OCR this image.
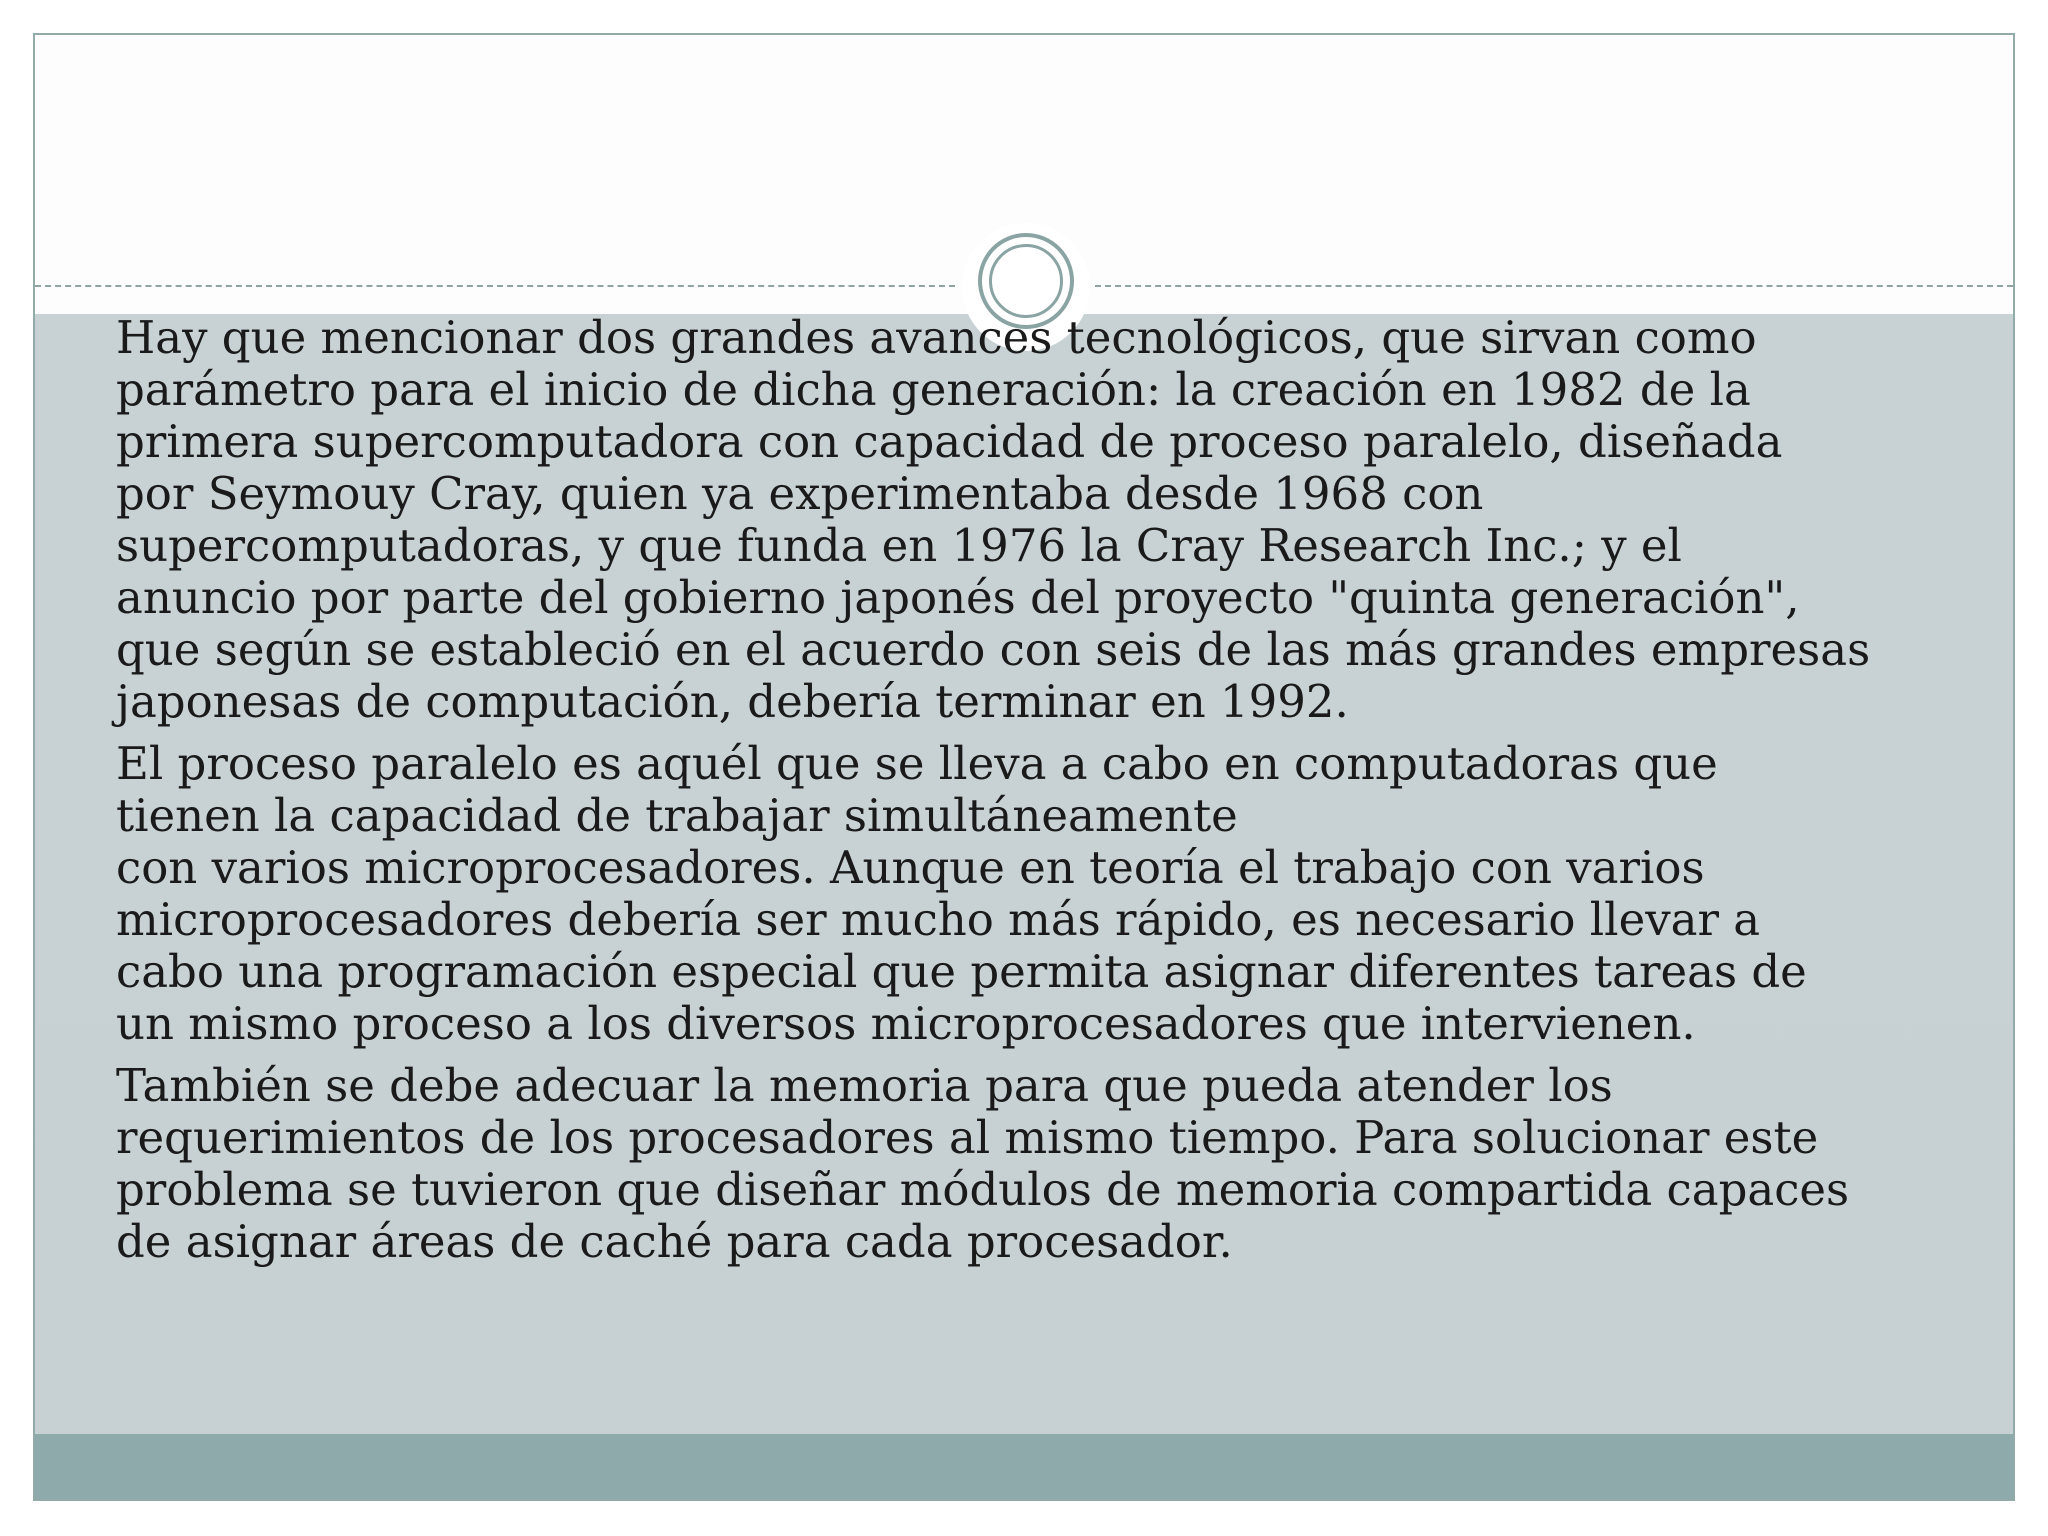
Hay que mencionar dos grandes avances tecnológicos, que sirvan como
parámetro para el inicio de dicha generación: la creación en 1982 de la
primera supercomputadora con capacidad de proceso paralelo, diseñada
por Seymouy Cray, quien ya experimentaba desde 1968 con
supercomputadoras, y que funda en 1976 la Cray Research Inc.; y el
anuncio por parte del gobierno japonés del proyecto "quinta generación",
que según se estableció en el acuerdo con seis de las más grandes empresas
japonesas de computación, debería terminar en 1992.

El proceso paralelo es aquél que se lleva a cabo en computadoras que
tienen la capacidad de trabajar simultáneamente
con varios microprocesadores. Aunque en teoría el trabajo con varios
microprocesadores debería ser mucho más rápido, es necesario llevar a
cabo una programación especial que permita asignar diferentes tareas de
un mismo proceso a los diversos microprocesadores que intervienen.

También se debe adecuar la memoria para que pueda atender los
requerimientos de los procesadores al mismo tiempo. Para solucionar este
problema se tuvieron que diseñar módulos de memoria compartida capaces
de asignar áreas de caché para cada procesador.
